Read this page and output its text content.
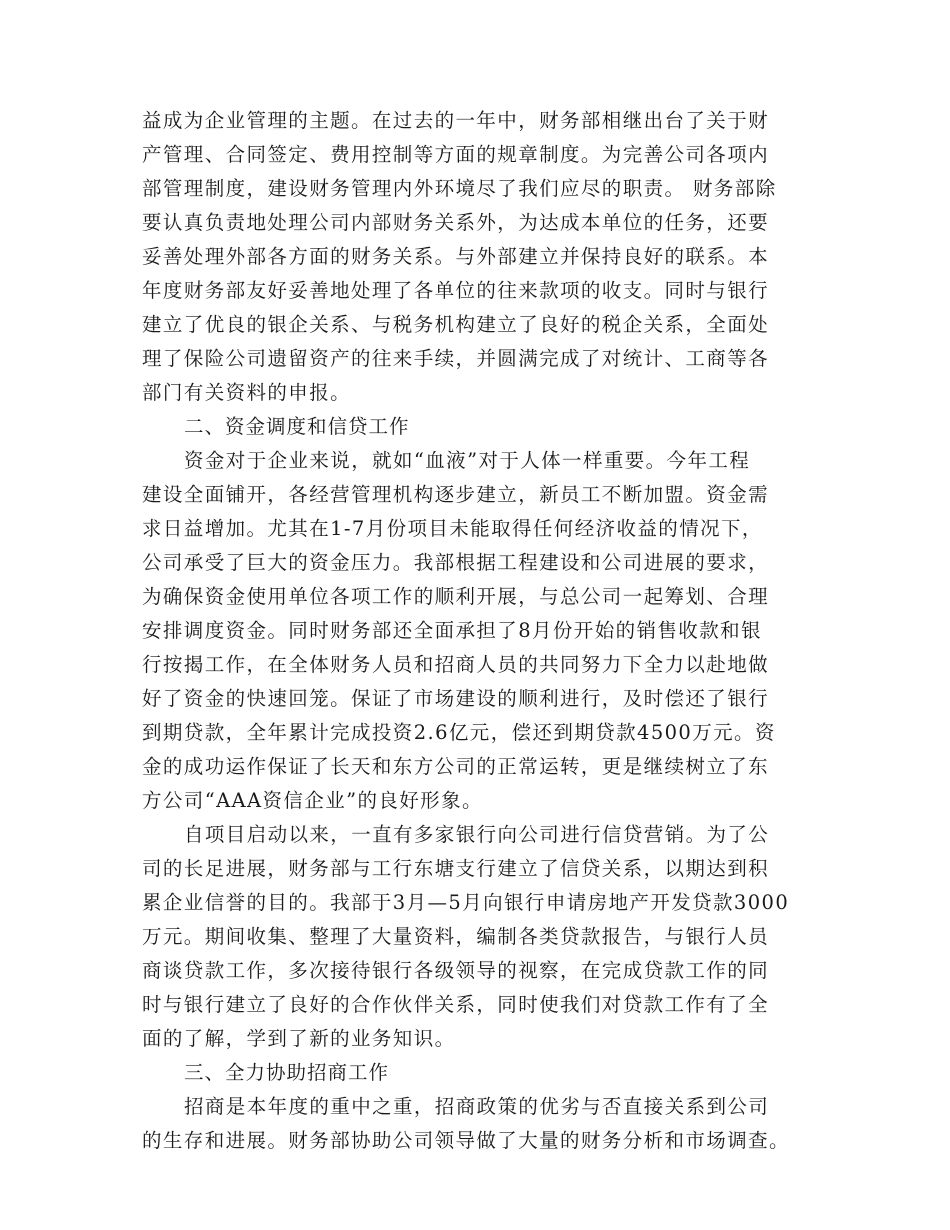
益成为企业管理的主题。在过去的一年中，财务部相继出台了关于财
产管理、合同签定、费用控制等方面的规章制度。为完善公司各项内
部管理制度，建设财务管理内外环境尽了我们应尽的职责。 财务部除
要认真负责地处理公司内部财务关系外，为达成本单位的任务，还要
妥善处理外部各方面的财务关系。与外部建立并保持良好的联系。本
年度财务部友好妥善地处理了各单位的往来款项的收支。同时与银行
建立了优良的银企关系、与税务机构建立了良好的税企关系，全面处
理了保险公司遗留资产的往来手续，并圆满完成了对统计、工商等各
部门有关资料的申报。
二、资金调度和信贷工作
资金对于企业来说，就如“血液”对于人体一样重要。今年工程
建设全面铺开，各经营管理机构逐步建立，新员工不断加盟。资金需
求日益增加。尤其在1-7月份项目未能取得任何经济收益的情况下，
公司承受了巨大的资金压力。我部根据工程建设和公司进展的要求，
为确保资金使用单位各项工作的顺利开展，与总公司一起筹划、合理
安排调度资金。同时财务部还全面承担了8月份开始的销售收款和银
行按揭工作，在全体财务人员和招商人员的共同努力下全力以赴地做
好了资金的快速回笼。保证了市场建设的顺利进行，及时偿还了银行
到期贷款，全年累计完成投资2.6亿元，偿还到期贷款4500万元。资
金的成功运作保证了长天和东方公司的正常运转，更是继续树立了东
方公司“AAA资信企业”的良好形象。
自项目启动以来，一直有多家银行向公司进行信贷营销。为了公
司的长足进展，财务部与工行东塘支行建立了信贷关系，以期达到积
累企业信誉的目的。我部于3月—5月向银行申请房地产开发贷款3000
万元。期间收集、整理了大量资料，编制各类贷款报告，与银行人员
商谈贷款工作，多次接待银行各级领导的视察，在完成贷款工作的同
时与银行建立了良好的合作伙伴关系，同时使我们对贷款工作有了全
面的了解，学到了新的业务知识。
三、全力协助招商工作
招商是本年度的重中之重，招商政策的优劣与否直接关系到公司
的生存和进展。财务部协助公司领导做了大量的财务分析和市场调查。
